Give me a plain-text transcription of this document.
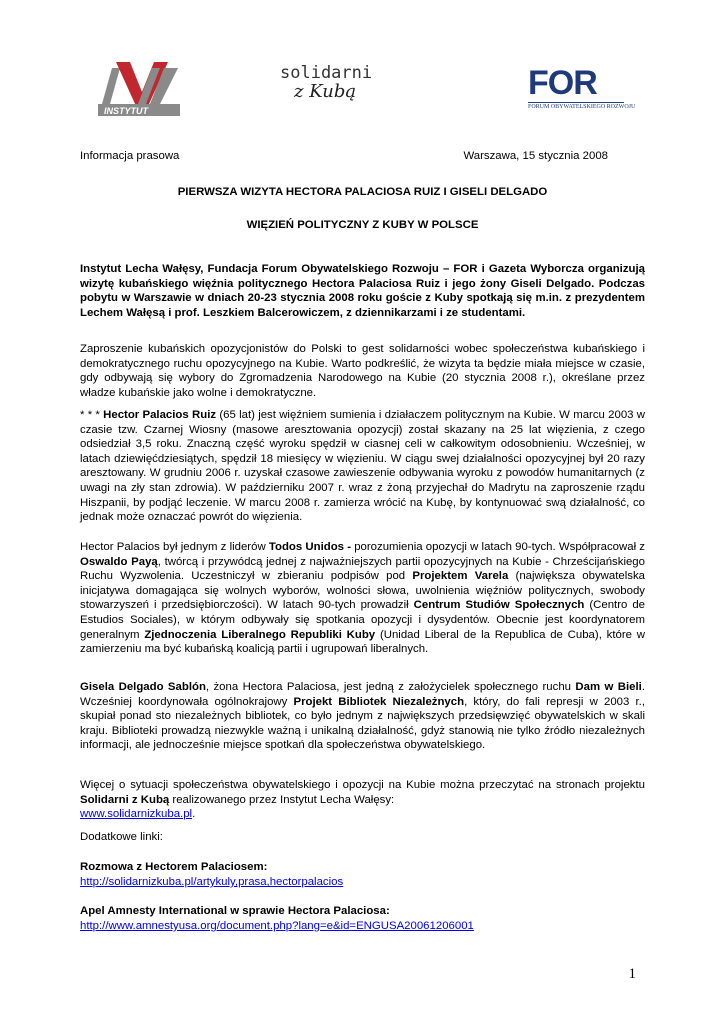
INSTYTUT
solidarni
z Kubą	FOR
FORUM OBYWATELSKIEGO ROZWOJU
Informacja prasowa	Warszawa, 15 stycznia 2008
PIERWSZA WIZYTA HECTORA PALACIOSA RUIZ I GISELI DELGADO
WIĘZIEŃ POLITYCZNY Z KUBY W POLSCE
Instytut Lecha Wałęsy, Fundacja Forum Obywatelskiego Rozwoju – FOR i Gazeta Wyborcza organizują wizytę kubańskiego więźnia politycznego Hectora Palaciosa Ruiz i jego żony Giseli Delgado. Podczas pobytu w Warszawie w dniach 20-23 stycznia 2008 roku goście z Kuby spotkają się m.in. z prezydentem Lechem Wałęsą i prof. Leszkiem Balcerowiczem, z dziennikarzami i ze studentami.
Zaproszenie kubańskich opozycjonistów do Polski to gest solidarności wobec społeczeństwa kubańskiego i demokratycznego ruchu opozycyjnego na Kubie. Warto podkreślić, że wizyta ta będzie miała miejsce w czasie, gdy odbywają się wybory do Zgromadzenia Narodowego na Kubie (20 stycznia 2008 r.), określane przez władze kubańskie jako wolne i demokratyczne.
* * * Hector Palacios Ruiz (65 lat) jest więźniem sumienia i działaczem politycznym na Kubie. W marcu 2003 w czasie tzw. Czarnej Wiosny (masowe aresztowania opozycji) został skazany na 25 lat więzienia, z czego odsiedział 3,5 roku. Znaczną część wyroku spędził w ciasnej celi w całkowitym odosobnieniu. Wcześniej, w latach dziewięćdziesiątych, spędził 18 miesięcy w więzieniu. W ciągu swej działalności opozycyjnej był 20 razy aresztowany. W grudniu 2006 r. uzyskał czasowe zawieszenie odbywania wyroku z powodów humanitarnych (z uwagi na zły stan zdrowia). W październiku 2007 r. wraz z żoną przyjechał do Madrytu na zaproszenie rządu Hiszpanii, by podjąć leczenie. W marcu 2008 r. zamierza wrócić na Kubę, by kontynuować swą działalność, co jednak może oznaczać powrót do więzienia.
Hector Palacios był jednym z liderów Todos Unidos - porozumienia opozycji w latach 90-tych. Współpracował z Oswaldo Payą, twórcą i przywódcą jednej z najważniejszych partii opozycyjnych na Kubie - Chrześcijańskiego Ruchu Wyzwolenia. Uczestniczył w zbieraniu podpisów pod Projektem Varela (największa obywatelska inicjatywa domagająca się wolnych wyborów, wolności słowa, uwolnienia więźniów politycznych, swobody stowarzyszeń i przedsiębiorczości). W latach 90-tych prowadził Centrum Studiów Społecznych (Centro de Estudios Sociales), w którym odbywały się spotkania opozycji i dysydentów. Obecnie jest koordynatorem generalnym Zjednoczenia Liberalnego Republiki Kuby (Unidad Liberal de la Republica de Cuba), które w zamierzeniu ma być kubańską koalicją partii i ugrupowań liberalnych.
Gisela Delgado Sablón, żona Hectora Palaciosa, jest jedną z założycielek społecznego ruchu Dam w Bieli. Wcześniej koordynowała ogólnokrajowy Projekt Bibliotek Niezależnych, który, do fali represji w 2003 r., skupiał ponad sto niezależnych bibliotek, co było jednym z największych przedsięwzięć obywatelskich w skali kraju. Biblioteki prowadzą niezwykle ważną i unikalną działalność, gdyż stanowią nie tylko źródło niezależnych informacji, ale jednocześnie miejsce spotkań dla społeczeństwa obywatelskiego.
Więcej o sytuacji społeczeństwa obywatelskiego i opozycji na Kubie można przeczytać na stronach projektu Solidarni z Kubą realizowanego przez Instytut Lecha Wałęsy:
www.solidarnizkuba.pl.
Dodatkowe linki:
Rozmowa z Hectorem Palaciosem:
http://solidarnizkuba.pl/artykuly,prasa,hectorpalacios
Apel Amnesty International w sprawie Hectora Palaciosa:
http://www.amnestyusa.org/document.php?lang=e&id=ENGUSA20061206001
1
